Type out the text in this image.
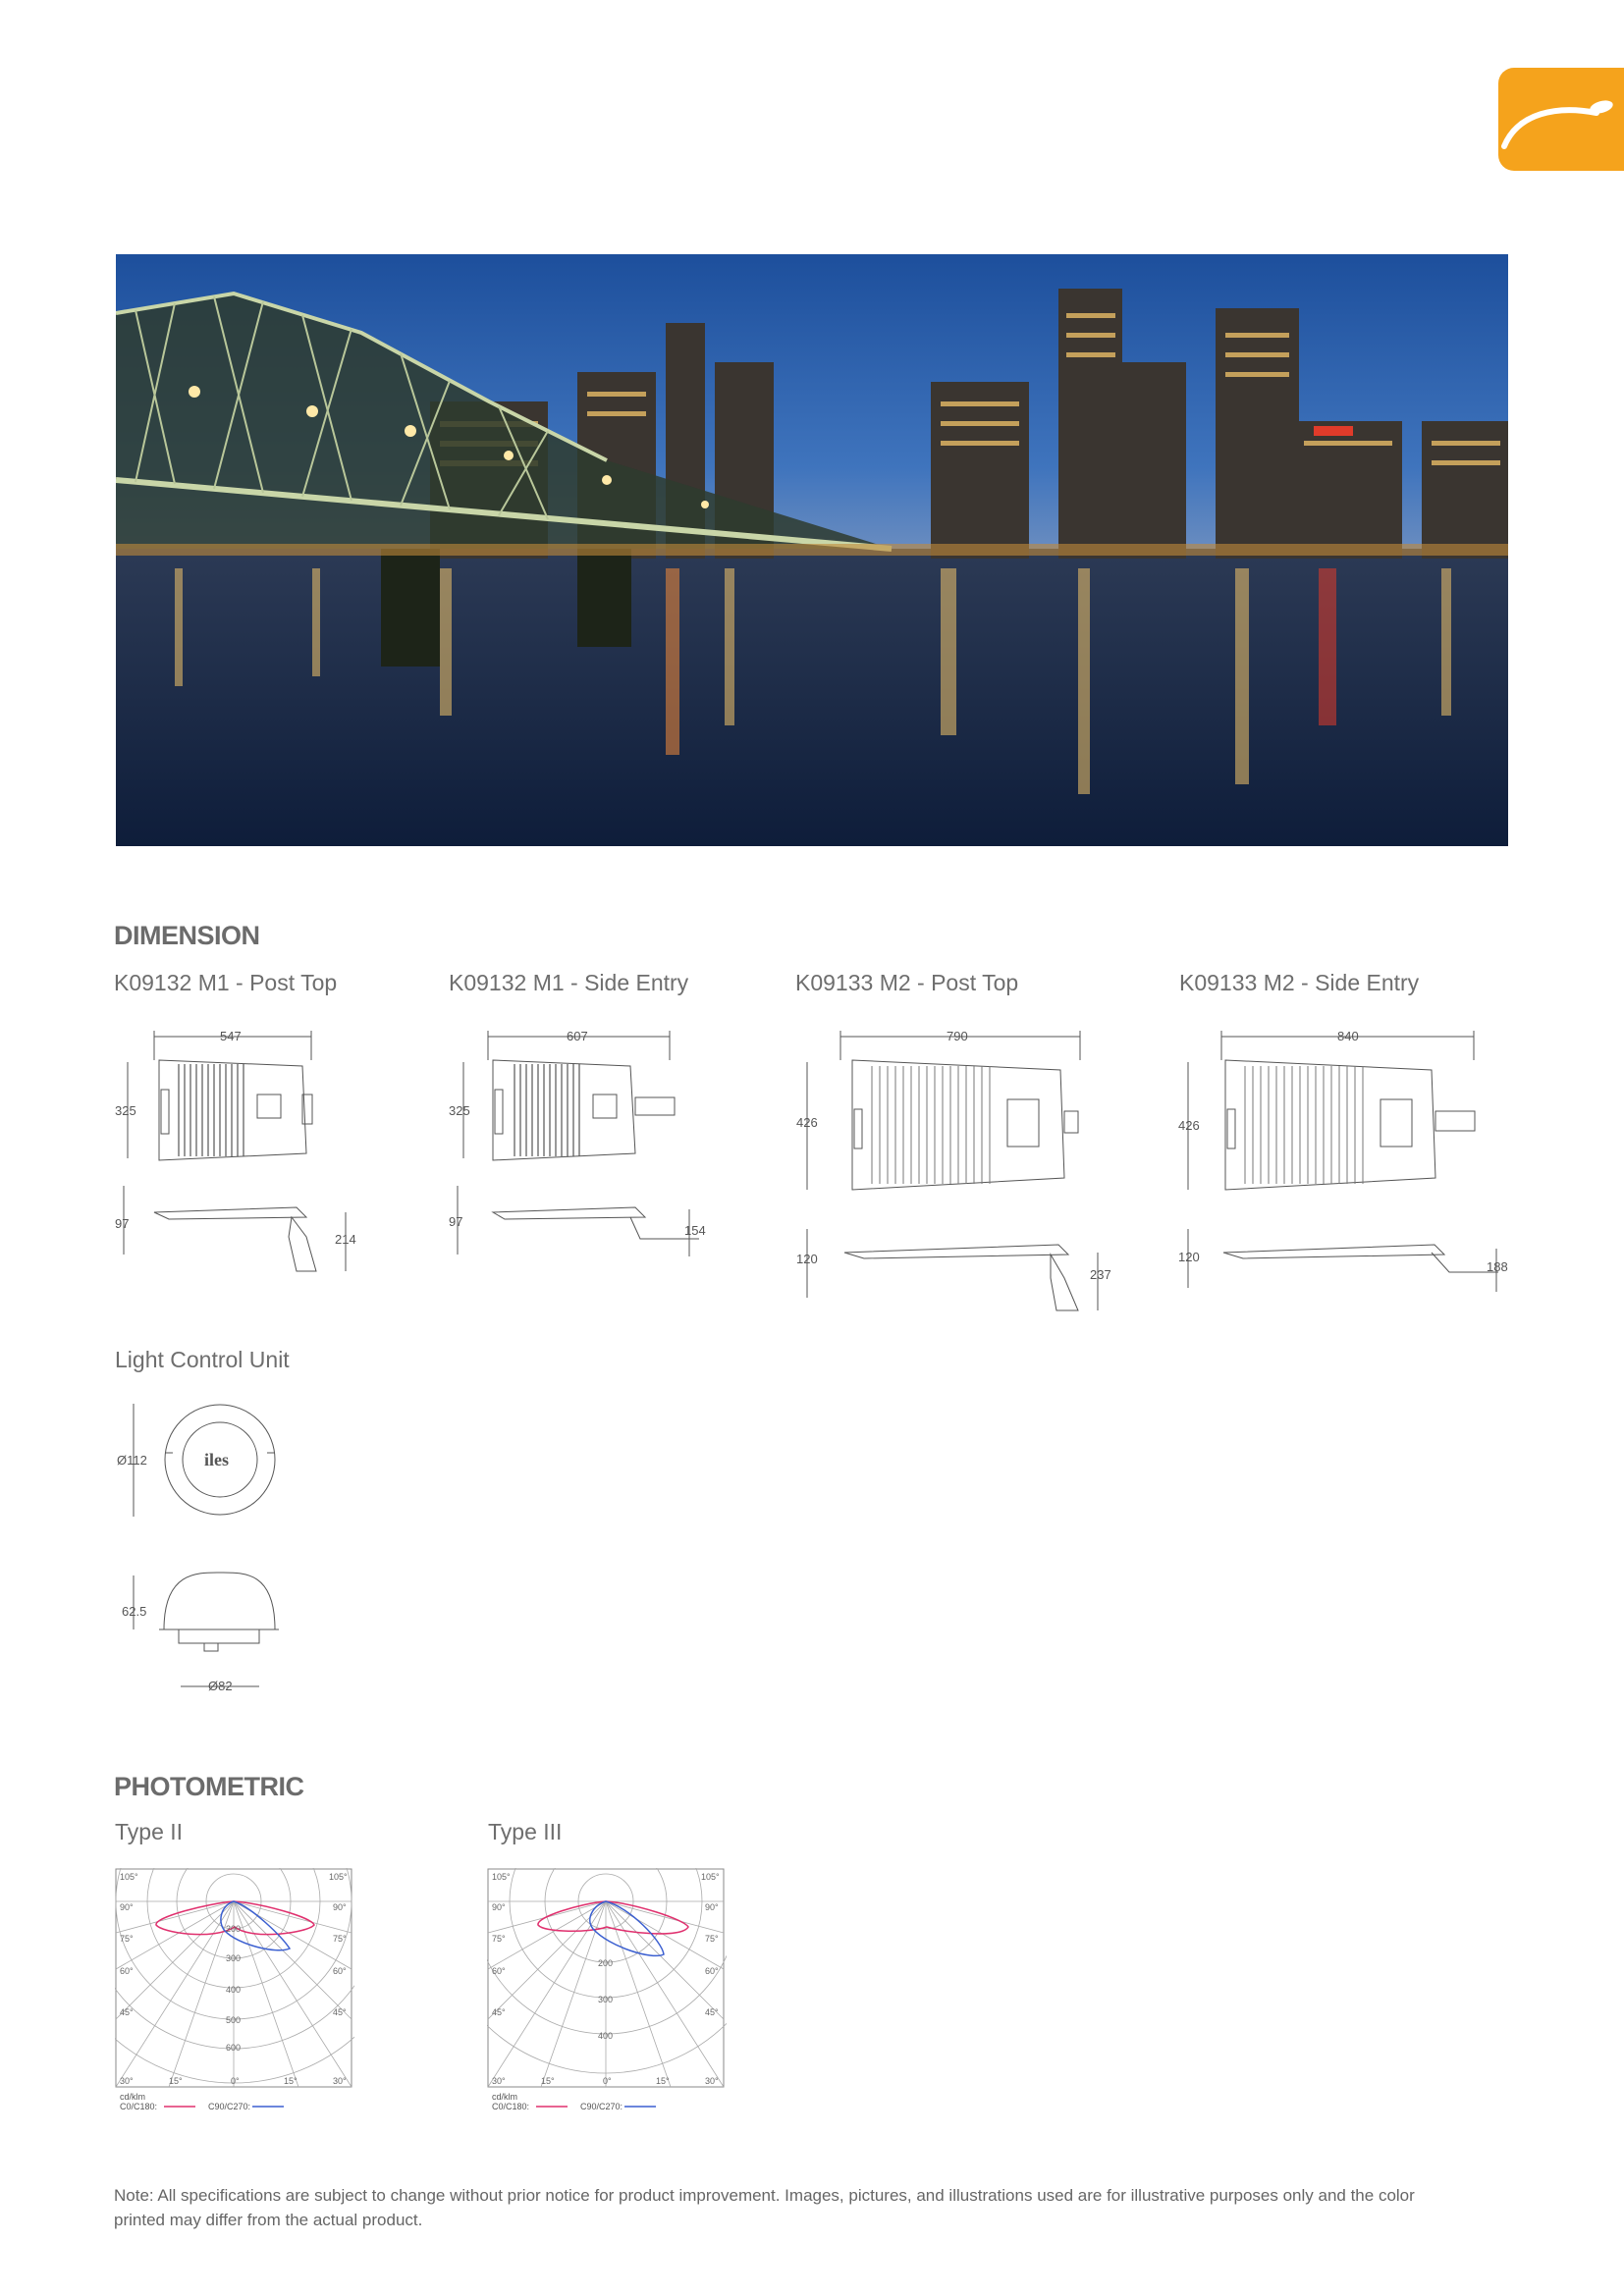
DIMENSION
K09132 M1 - Post Top	K09132 M1 - Side Entry	K09133 M2 - Post Top	K09133 M2 - Side Entry
547
325
97
214
607
325
97
154
790
426
120
237
840
426
120
188
Light Control Unit
iles
Ø112
62.5
Ø82
PHOTOMETRIC
Type II	Type III
105°	105°
90°	90°
75°	75°
60°	60°
45°	45°
30°	15°	0°	15°	30°
200
300
400
500
600
cd/klm
C0/C180:	C90/C270:
105°	105°
90°	90°
75°	75°
60°	60°
45°	45°
30°	15°	0°	15°	30°
200
300
400
cd/klm
C0/C180:	C90/C270:
Note: All specifications are subject to change without prior notice for product improvement. Images, pictures, and illustrations used are for illustrative purposes only and the color printed may differ from the actual product.
